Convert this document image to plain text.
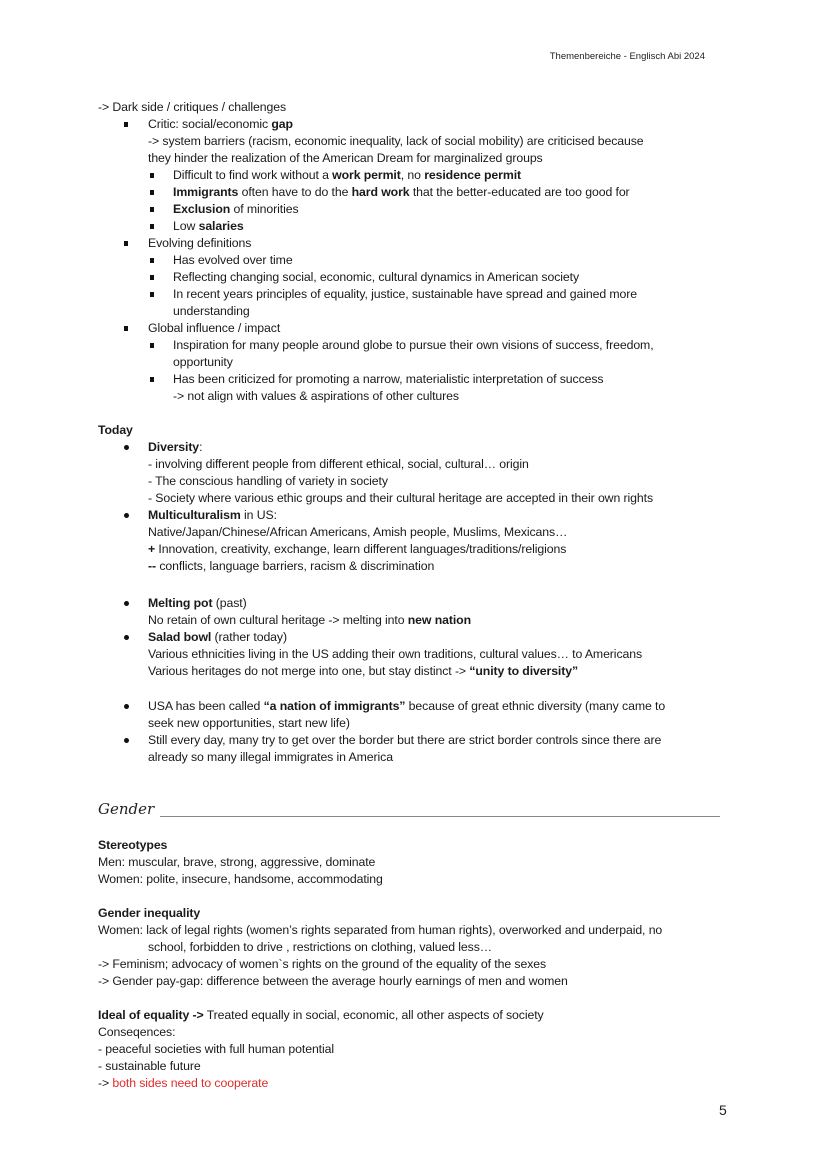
Themenbereiche - Englisch Abi 2024
-> Dark side / critiques / challenges
Critic: social/economic gap
-> system barriers (racism, economic inequality, lack of social mobility) are criticised because
they hinder the realization of the American Dream for marginalized groups
Difficult to find work without a work permit, no residence permit
Immigrants often have to do the hard work that the better-educated are too good for
Exclusion of minorities
Low salaries
Evolving definitions
Has evolved over time
Reflecting changing social, economic, cultural dynamics in American society
In recent years principles of equality, justice, sustainable have spread and gained more
understanding
Global influence / impact
Inspiration for many people around globe to pursue their own visions of success, freedom,
opportunity
Has been criticized for promoting a narrow, materialistic interpretation of success
-> not align with values & aspirations of other cultures
Today
Diversity:
- involving different people from different ethical, social, cultural… origin
- The conscious handling of variety in society
- Society where various ethic groups and their cultural heritage are accepted in their own rights
Multiculturalism in US:
Native/Japan/Chinese/African Americans, Amish people, Muslims, Mexicans…
+ Innovation, creativity, exchange, learn different languages/traditions/religions
-- conflicts, language barriers, racism & discrimination
Melting pot (past)
No retain of own cultural heritage -> melting into new nation
Salad bowl (rather today)
Various ethnicities living in the US adding their own traditions, cultural values… to Americans
Various heritages do not merge into one, but stay distinct -> “unity to diversity”
USA has been called “a nation of immigrants” because of great ethnic diversity (many came to
seek new opportunities, start new life)
Still every day, many try to get over the border but there are strict border controls since there are
already so many illegal immigrates in America
Stereotypes
Men: muscular, brave, strong, aggressive, dominate
Women: polite, insecure, handsome, accommodating
Gender inequality
Women: lack of legal rights (women’s rights separated from human rights), overworked and underpaid, no
school, forbidden to drive , restrictions on clothing, valued less…
-> Feminism; advocacy of women`s rights on the ground of the equality of the sexes
-> Gender pay-gap: difference between the average hourly earnings of men and women
Ideal of equality -> Treated equally in social, economic, all other aspects of society
Conseqences:
- peaceful societies with full human potential
- sustainable future
-> both sides need to cooperate
Gender
5
